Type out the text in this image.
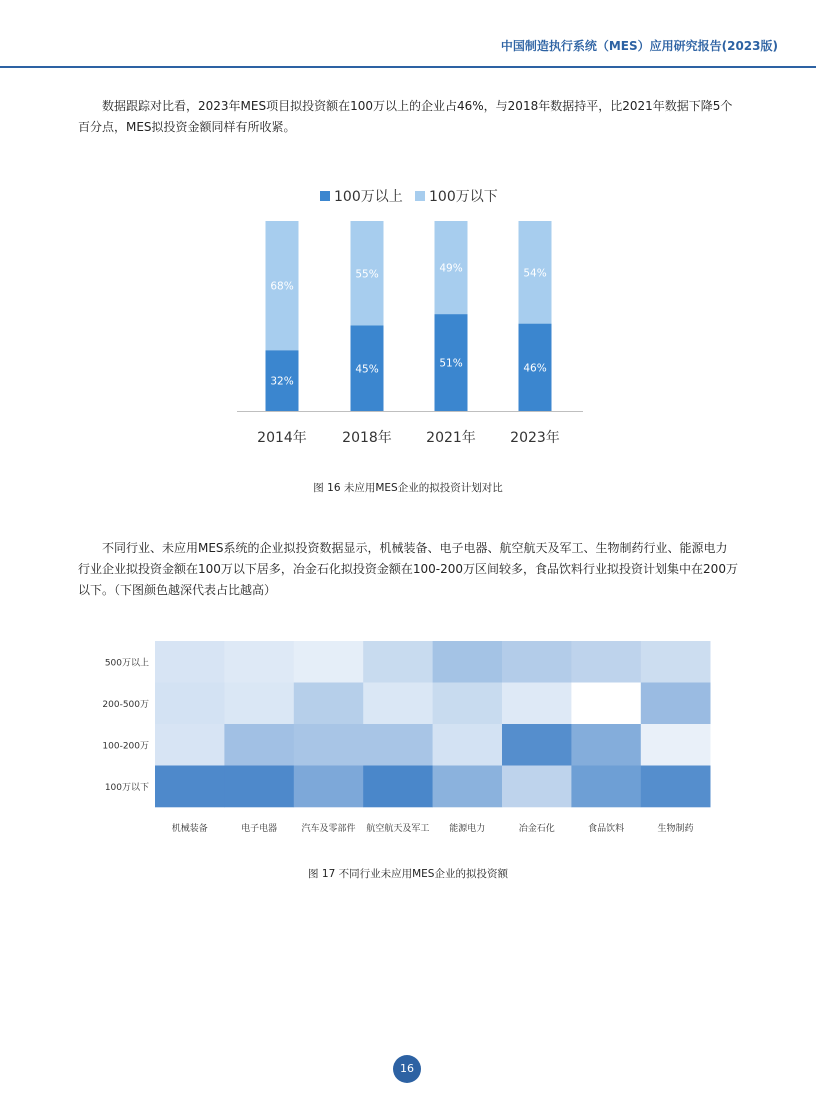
中国制造执行系统（MES）应用研究报告(2023版)

数据跟踪对比看，2023年MES项目拟投资额在100万以上的企业占46%，与2018年数据持平，比2021年数据下降5个百分点，MES拟投资金额同样有所收紧。

100万以上 100万以下
32%
68%
2014年
45%
55%
2018年
51%
49%
2021年
46%
54%
2023年
图 16 未应用MES企业的拟投资计划对比

不同行业、未应用MES系统的企业拟投资数据显示，机械装备、电子电器、航空航天及军工、生物制药行业、能源电力行业企业拟投资金额在100万以下居多，冶金石化拟投资金额在100-200万区间较多，食品饮料行业拟投资计划集中在200万以下。（下图颜色越深代表占比越高）

500万以上
200-500万
100-200万
100万以下
机械装备	电子电器	汽车及零部件 航空航天及军工 能源电力	冶金石化	食品饮料	生物制药
图 17 不同行业未应用MES企业的拟投资额
16
